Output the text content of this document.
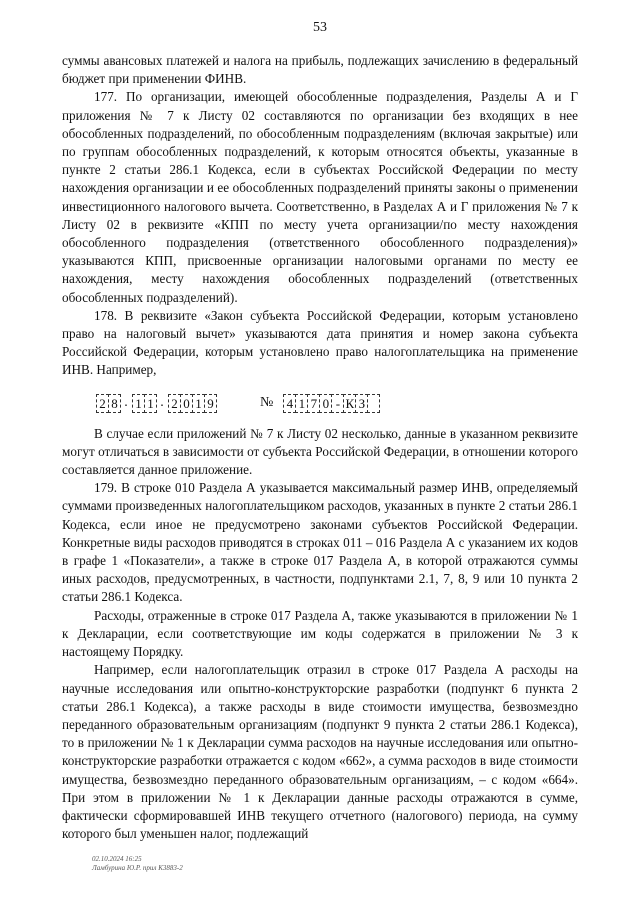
53

суммы авансовых платежей и налога на прибыль, подлежащих зачислению в федеральный бюджет при применении ФИНВ.

177. По организации, имеющей обособленные подразделения, Разделы А и Г приложения № 7 к Листу 02 составляются по организации без входящих в нее обособленных подразделений, по обособленным подразделениям (включая закрытые) или по группам обособленных подразделений, к которым относятся объекты, указанные в пункте 2 статьи 286.1 Кодекса, если в субъектах Российской Федерации по месту нахождения организации и ее обособленных подразделений приняты законы о применении инвестиционного налогового вычета. Соответственно, в Разделах А и Г приложения № 7 к Листу 02 в реквизите «КПП по месту учета организации/по месту нахождения обособленного подразделения (ответственного обособленного подразделения)» указываются КПП, присвоенные организации налоговыми органами по месту ее нахождения, месту нахождения обособленных подразделений (ответственных обособленных подразделений).

178. В реквизите «Закон субъекта Российской Федерации, которым установлено право на налоговый вычет» указываются дата принятия и номер закона субъекта Российской Федерации, которым установлено право налогоплательщика на применение ИНВ. Например,

2 8 . 1 1 . 2 0 1 9	№ 4 1 7 0 - К З

В случае если приложений № 7 к Листу 02 несколько, данные в указанном реквизите могут отличаться в зависимости от субъекта Российской Федерации, в отношении которого составляется данное приложение.

179. В строке 010 Раздела А указывается максимальный размер ИНВ, определяемый суммами произведенных налогоплательщиком расходов, указанных в пункте 2 статьи 286.1 Кодекса, если иное не предусмотрено законами субъектов Российской Федерации. Конкретные виды расходов приводятся в строках 011 – 016 Раздела А с указанием их кодов в графе 1 «Показатели», а также в строке 017 Раздела А, в которой отражаются суммы иных расходов, предусмотренных, в частности, подпунктами 2.1, 7, 8, 9 или 10 пункта 2 статьи 286.1 Кодекса.

Расходы, отраженные в строке 017 Раздела А, также указываются в приложении № 1 к Декларации, если соответствующие им коды содержатся в приложении № 3 к настоящему Порядку.

Например, если налогоплательщик отразил в строке 017 Раздела А расходы на научные исследования или опытно-конструкторские разработки (подпункт 6 пункта 2 статьи 286.1 Кодекса), а также расходы в виде стоимости имущества, безвозмездно переданного образовательным организациям (подпункт 9 пункта 2 статьи 286.1 Кодекса), то в приложении № 1 к Декларации сумма расходов на научные исследования или опытно-конструкторские разработки отражается с кодом «662», а сумма расходов в виде стоимости имущества, безвозмездно переданного образовательным организациям, – с кодом «664». При этом в приложении № 1 к Декларации данные расходы отражаются в сумме, фактически сформировавшей ИНВ текущего отчетного (налогового) периода, на сумму которого был уменьшен налог, подлежащий

02.10.2024 16:25
Ламбурина Ю.Р. прил К3883-2
